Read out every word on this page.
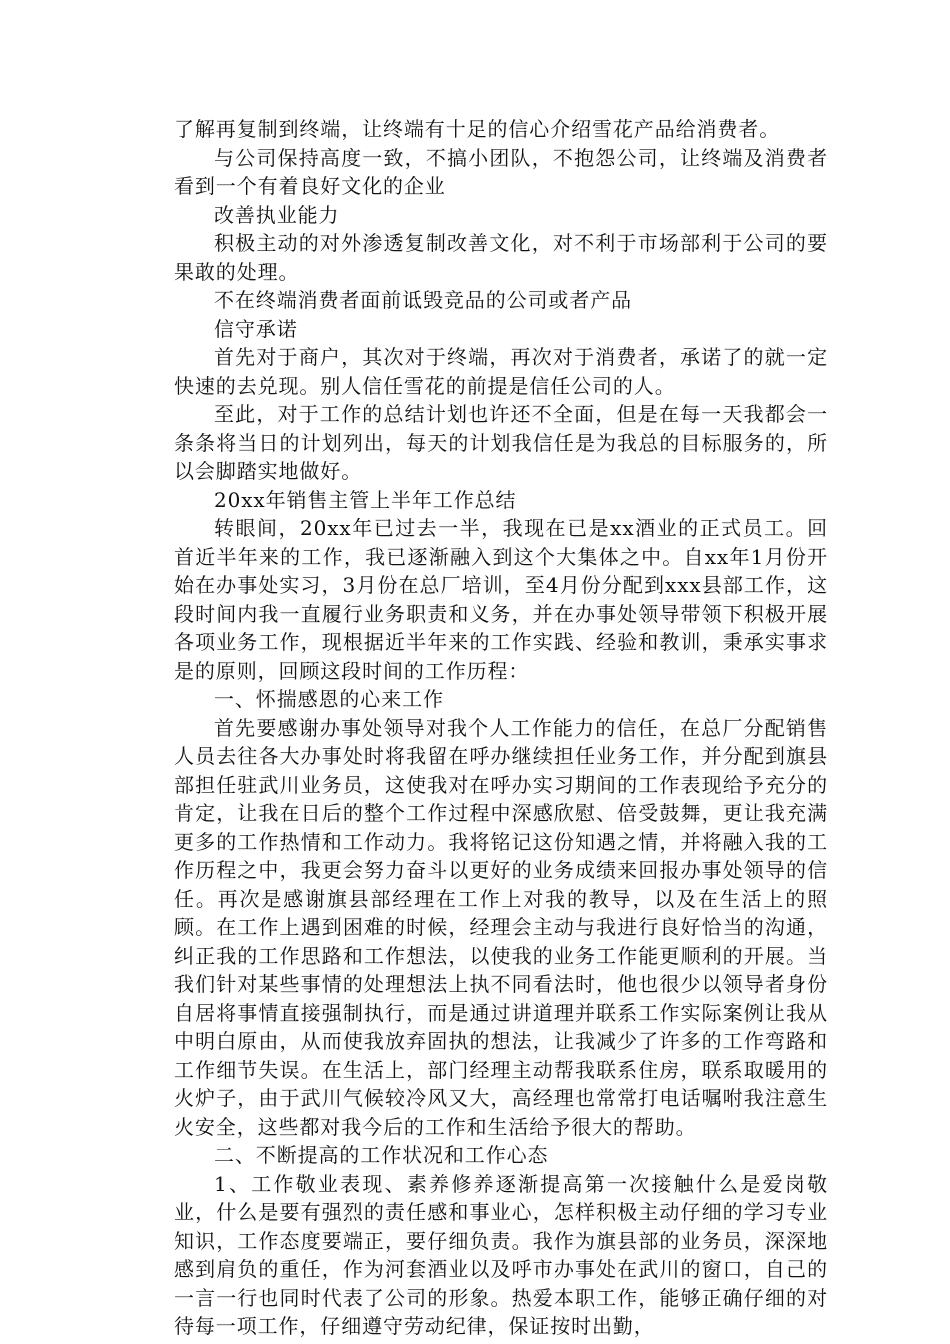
了解再复制到终端，让终端有十足的信心介绍雪花产品给消费者。

与公司保持高度一致，不搞小团队，不抱怨公司，让终端及消费者看到一个有着良好文化的企业

改善执业能力

积极主动的对外渗透复制改善文化，对不利于市场部利于公司的要果敢的处理。

不在终端消费者面前诋毁竞品的公司或者产品

信守承诺

首先对于商户，其次对于终端，再次对于消费者，承诺了的就一定快速的去兑现。别人信任雪花的前提是信任公司的人。

至此，对于工作的总结计划也许还不全面，但是在每一天我都会一条条将当日的计划列出，每天的计划我信任是为我总的目标服务的，所以会脚踏实地做好。

20xx年销售主管上半年工作总结

转眼间，20xx年已过去一半，我现在已是xx酒业的正式员工。回首近半年来的工作，我已逐渐融入到这个大集体之中。自xx年1月份开始在办事处实习，3月份在总厂培训，至4月份分配到xxx县部工作，这段时间内我一直履行业务职责和义务，并在办事处领导带领下积极开展各项业务工作，现根据近半年来的工作实践、经验和教训，秉承实事求是的原则，回顾这段时间的工作历程：

一、怀揣感恩的心来工作

首先要感谢办事处领导对我个人工作能力的信任，在总厂分配销售人员去往各大办事处时将我留在呼办继续担任业务工作，并分配到旗县部担任驻武川业务员，这使我对在呼办实习期间的工作表现给予充分的肯定，让我在日后的整个工作过程中深感欣慰、倍受鼓舞，更让我充满更多的工作热情和工作动力。我将铭记这份知遇之情，并将融入我的工作历程之中，我更会努力奋斗以更好的业务成绩来回报办事处领导的信任。再次是感谢旗县部经理在工作上对我的教导，以及在生活上的照顾。在工作上遇到困难的时候，经理会主动与我进行良好恰当的沟通，纠正我的工作思路和工作想法，以使我的业务工作能更顺利的开展。当我们针对某些事情的处理想法上执不同看法时，他也很少以领导者身份自居将事情直接强制执行，而是通过讲道理并联系工作实际案例让我从中明白原由，从而使我放弃固执的想法，让我减少了许多的工作弯路和工作细节失误。在生活上，部门经理主动帮我联系住房，联系取暖用的火炉子，由于武川气候较冷风又大，高经理也常常打电话嘱咐我注意生火安全，这些都对我今后的工作和生活给予很大的帮助。

二、不断提高的工作状况和工作心态

1、工作敬业表现、素养修养逐渐提高第一次接触什么是爱岗敬业，什么是要有强烈的责任感和事业心，怎样积极主动仔细的学习专业知识，工作态度要端正，要仔细负责。我作为旗县部的业务员，深深地感到肩负的重任，作为河套酒业以及呼市办事处在武川的窗口，自己的一言一行也同时代表了公司的形象。热爱本职工作，能够正确仔细的对待每一项工作，仔细遵守劳动纪律，保证按时出勤，
